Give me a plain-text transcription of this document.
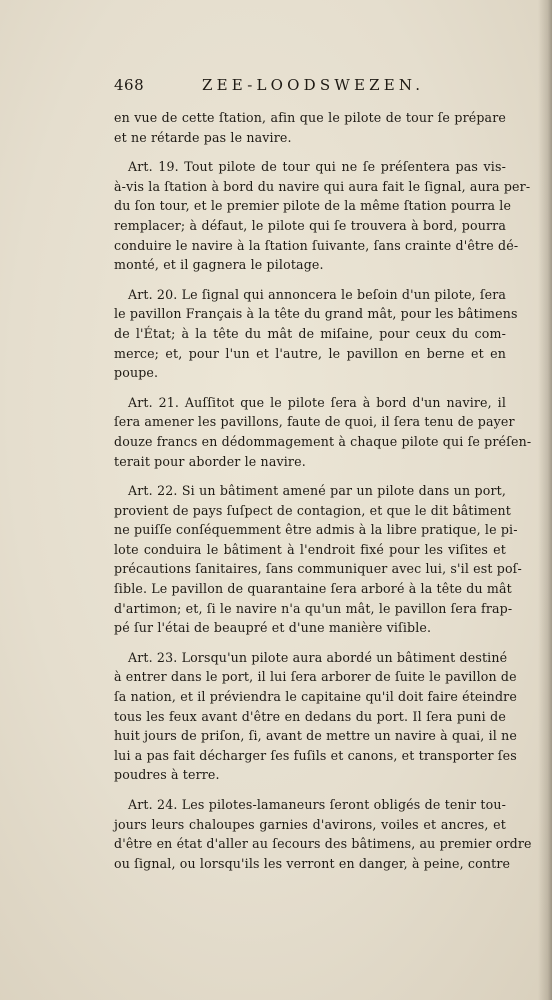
468	ZEE-LOODSWEZEN.
en vue de cette ſtation, afin que le pilote de tour ſe prépare
et ne rétarde pas le navire.
Art. 19. Tout pilote de tour qui ne ſe préſentera pas vis-
à-vis la ſtation à bord du navire qui aura fait le ſignal, aura per-
du ſon tour, et le premier pilote de la même ſtation pourra le
remplacer; à défaut, le pilote qui ſe trouvera à bord, pourra
conduire le navire à la ſtation ſuivante, ſans crainte d'être dé-
monté, et il gagnera le pilotage.
Art. 20. Le ſignal qui annoncera le beſoin d'un pilote, ſera
le pavillon Français à la tête du grand mât, pour les bâtimens
de l'État; à la tête du mât de miſaine, pour ceux du com-
merce; et, pour l'un et l'autre, le pavillon en berne et en
poupe.
Art. 21. Auſſitot que le pilote ſera à bord d'un navire, il
ſera amener les pavillons, faute de quoi, il ſera tenu de payer
douze francs en dédommagement à chaque pilote qui ſe préſen-
terait pour aborder le navire.
Art. 22. Si un bâtiment amené par un pilote dans un port,
provient de pays ſuſpect de contagion, et que le dit bâtiment
ne puiſſe conſéquemment être admis à la libre pratique, le pi-
lote conduira le bâtiment à l'endroit fixé pour les viſites et
précautions ſanitaires, ſans communiquer avec lui, s'il est poſ-
ſible. Le pavillon de quarantaine ſera arboré à la tête du mât
d'artimon; et, ſi le navire n'a qu'un mât, le pavillon ſera frap-
pé ſur l'étai de beaupré et d'une manière viſible.
Art. 23. Lorsqu'un pilote aura abordé un bâtiment destiné
à entrer dans le port, il lui ſera arborer de ſuite le pavillon de
ſa nation, et il préviendra le capitaine qu'il doit faire éteindre
tous les feux avant d'être en dedans du port. Il ſera puni de
huit jours de priſon, ſi, avant de mettre un navire à quai, il ne
lui a pas fait décharger ſes fuſils et canons, et transporter ſes
poudres à terre.
Art. 24. Les pilotes-lamaneurs ſeront obligés de tenir tou-
jours leurs chaloupes garnies d'avirons, voiles et ancres, et
d'être en état d'aller au ſecours des bâtimens, au premier ordre
ou ſignal, ou lorsqu'ils les verront en danger, à peine, contre
